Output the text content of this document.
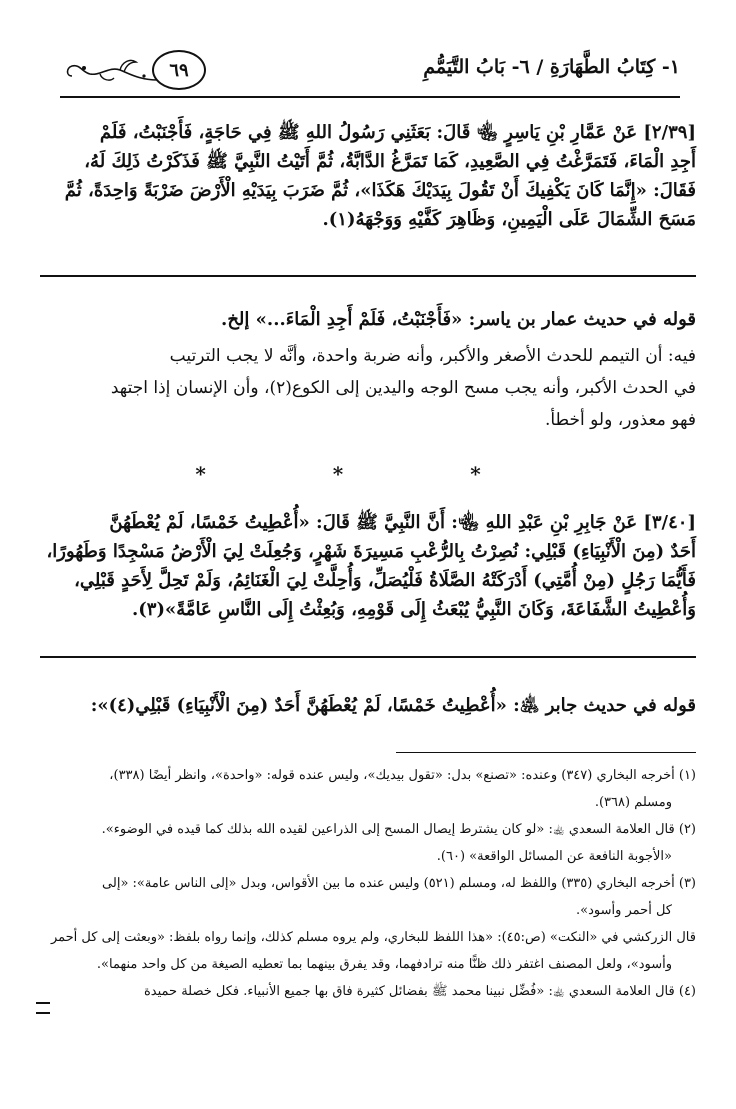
٦٩	١- كِتَابُ الطَّهَارَةِ / ٦- بَابُ التَّيَمُّمِ

[٢/٣٩] عَنْ عَمَّارِ بْنِ يَاسِرٍ ﵄ قَالَ: بَعَثَنِي رَسُولُ اللهِ ﷺ فِي حَاجَةٍ، فَأَجْنَبْتُ، فَلَمْ

أَجِدِ الْمَاءَ، فَتَمَرَّغْتُ فِي الصَّعِيدِ، كَمَا تَمَرَّغُ الدَّابَّةُ، ثُمَّ أَتَيْتُ النَّبِيَّ ﷺ فَذَكَرْتُ ذَلِكَ لَهُ،

فَقَالَ: «إِنَّمَا كَانَ يَكْفِيكَ أَنْ تَقُولَ بِيَدَيْكَ هَكَذَا»، ثُمَّ ضَرَبَ بِيَدَيْهِ الْأَرْضَ ضَرْبَةً وَاحِدَةً، ثُمَّ

مَسَحَ الشِّمَالَ عَلَى الْيَمِينِ، وَظَاهِرَ كَفَّيْهِ وَوَجْهَهُ(١).

قوله في حديث عمار بن ياسر: «فَأَجْنَبْتُ، فَلَمْ أَجِدِ الْمَاءَ...» إلخ.

فيه: أن التيمم للحدث الأصغر والأكبر، وأنه ضربة واحدة، وأنَّه لا يجب الترتيب

في الحدث الأكبر، وأنه يجب مسح الوجه واليدين إلى الكوع(٢)، وأن الإنسان إذا اجتهد

فهو معذور، ولو أخطأ.

* * *

[٣/٤٠] عَنْ جَابِرِ بْنِ عَبْدِ اللهِ ﵄: أَنَّ النَّبِيَّ ﷺ قَالَ: «أُعْطِيتُ خَمْسًا، لَمْ يُعْطَهُنَّ

أَحَدٌ (مِنَ الْأَنْبِيَاءِ) قَبْلِي: نُصِرْتُ بِالرُّعْبِ مَسِيرَةَ شَهْرٍ، وَجُعِلَتْ لِيَ الْأَرْضُ مَسْجِدًا وَطَهُورًا،

فَأَيُّمَا رَجُلٍ (مِنْ أُمَّتِي) أَدْرَكَتْهُ الصَّلَاةُ فَلْيُصَلِّ، وَأُحِلَّتْ لِيَ الْغَنَائِمُ، وَلَمْ تَحِلَّ لِأَحَدٍ قَبْلِي،

وَأُعْطِيتُ الشَّفَاعَةَ، وَكَانَ النَّبِيُّ يُبْعَثُ إِلَى قَوْمِهِ، وَبُعِثْتُ إِلَى النَّاسِ عَامَّةً»(٣).

قوله في حديث جابر ﵁: «أُعْطِيتُ خَمْسًا، لَمْ يُعْطَهُنَّ أَحَدٌ (مِنَ الْأَنْبِيَاءِ) قَبْلِي(٤)»:

(١) أخرجه البخاري (٣٤٧) وعنده: «تصنع» بدل: «تقول بيديك»، وليس عنده قوله: «واحدة»، وانظر أيضًا (٣٣٨)،

ومسلم (٣٦٨).

(٢) قال العلامة السعدي ﵀: «لو كان يشترط إيصال المسح إلى الذراعين لقيده الله بذلك كما قيده في الوضوء».

«الأجوبة النافعة عن المسائل الواقعة» (٦٠).

(٣) أخرجه البخاري (٣٣٥) واللفظ له، ومسلم (٥٢١) وليس عنده ما بين الأقواس، وبدل «إلى الناس عامة»: «إلى

كل أحمر وأسود».

قال الزركشي في «النكت» (ص:٤٥): «هذا اللفظ للبخاري، ولم يروه مسلم كذلك، وإنما رواه بلفظ: «وبعثت إلى كل أحمر

وأسود»، ولعل المصنف اغتفر ذلك ظنًّا منه ترادفهما، وقد يفرق بينهما بما تعطيه الصيغة من كل واحد منهما».

(٤) قال العلامة السعدي ﵀: «فُضِّل نبينا محمد ﷺ بفضائل كثيرة فاق بها جميع الأنبياء. فكل خصلة حميدة
